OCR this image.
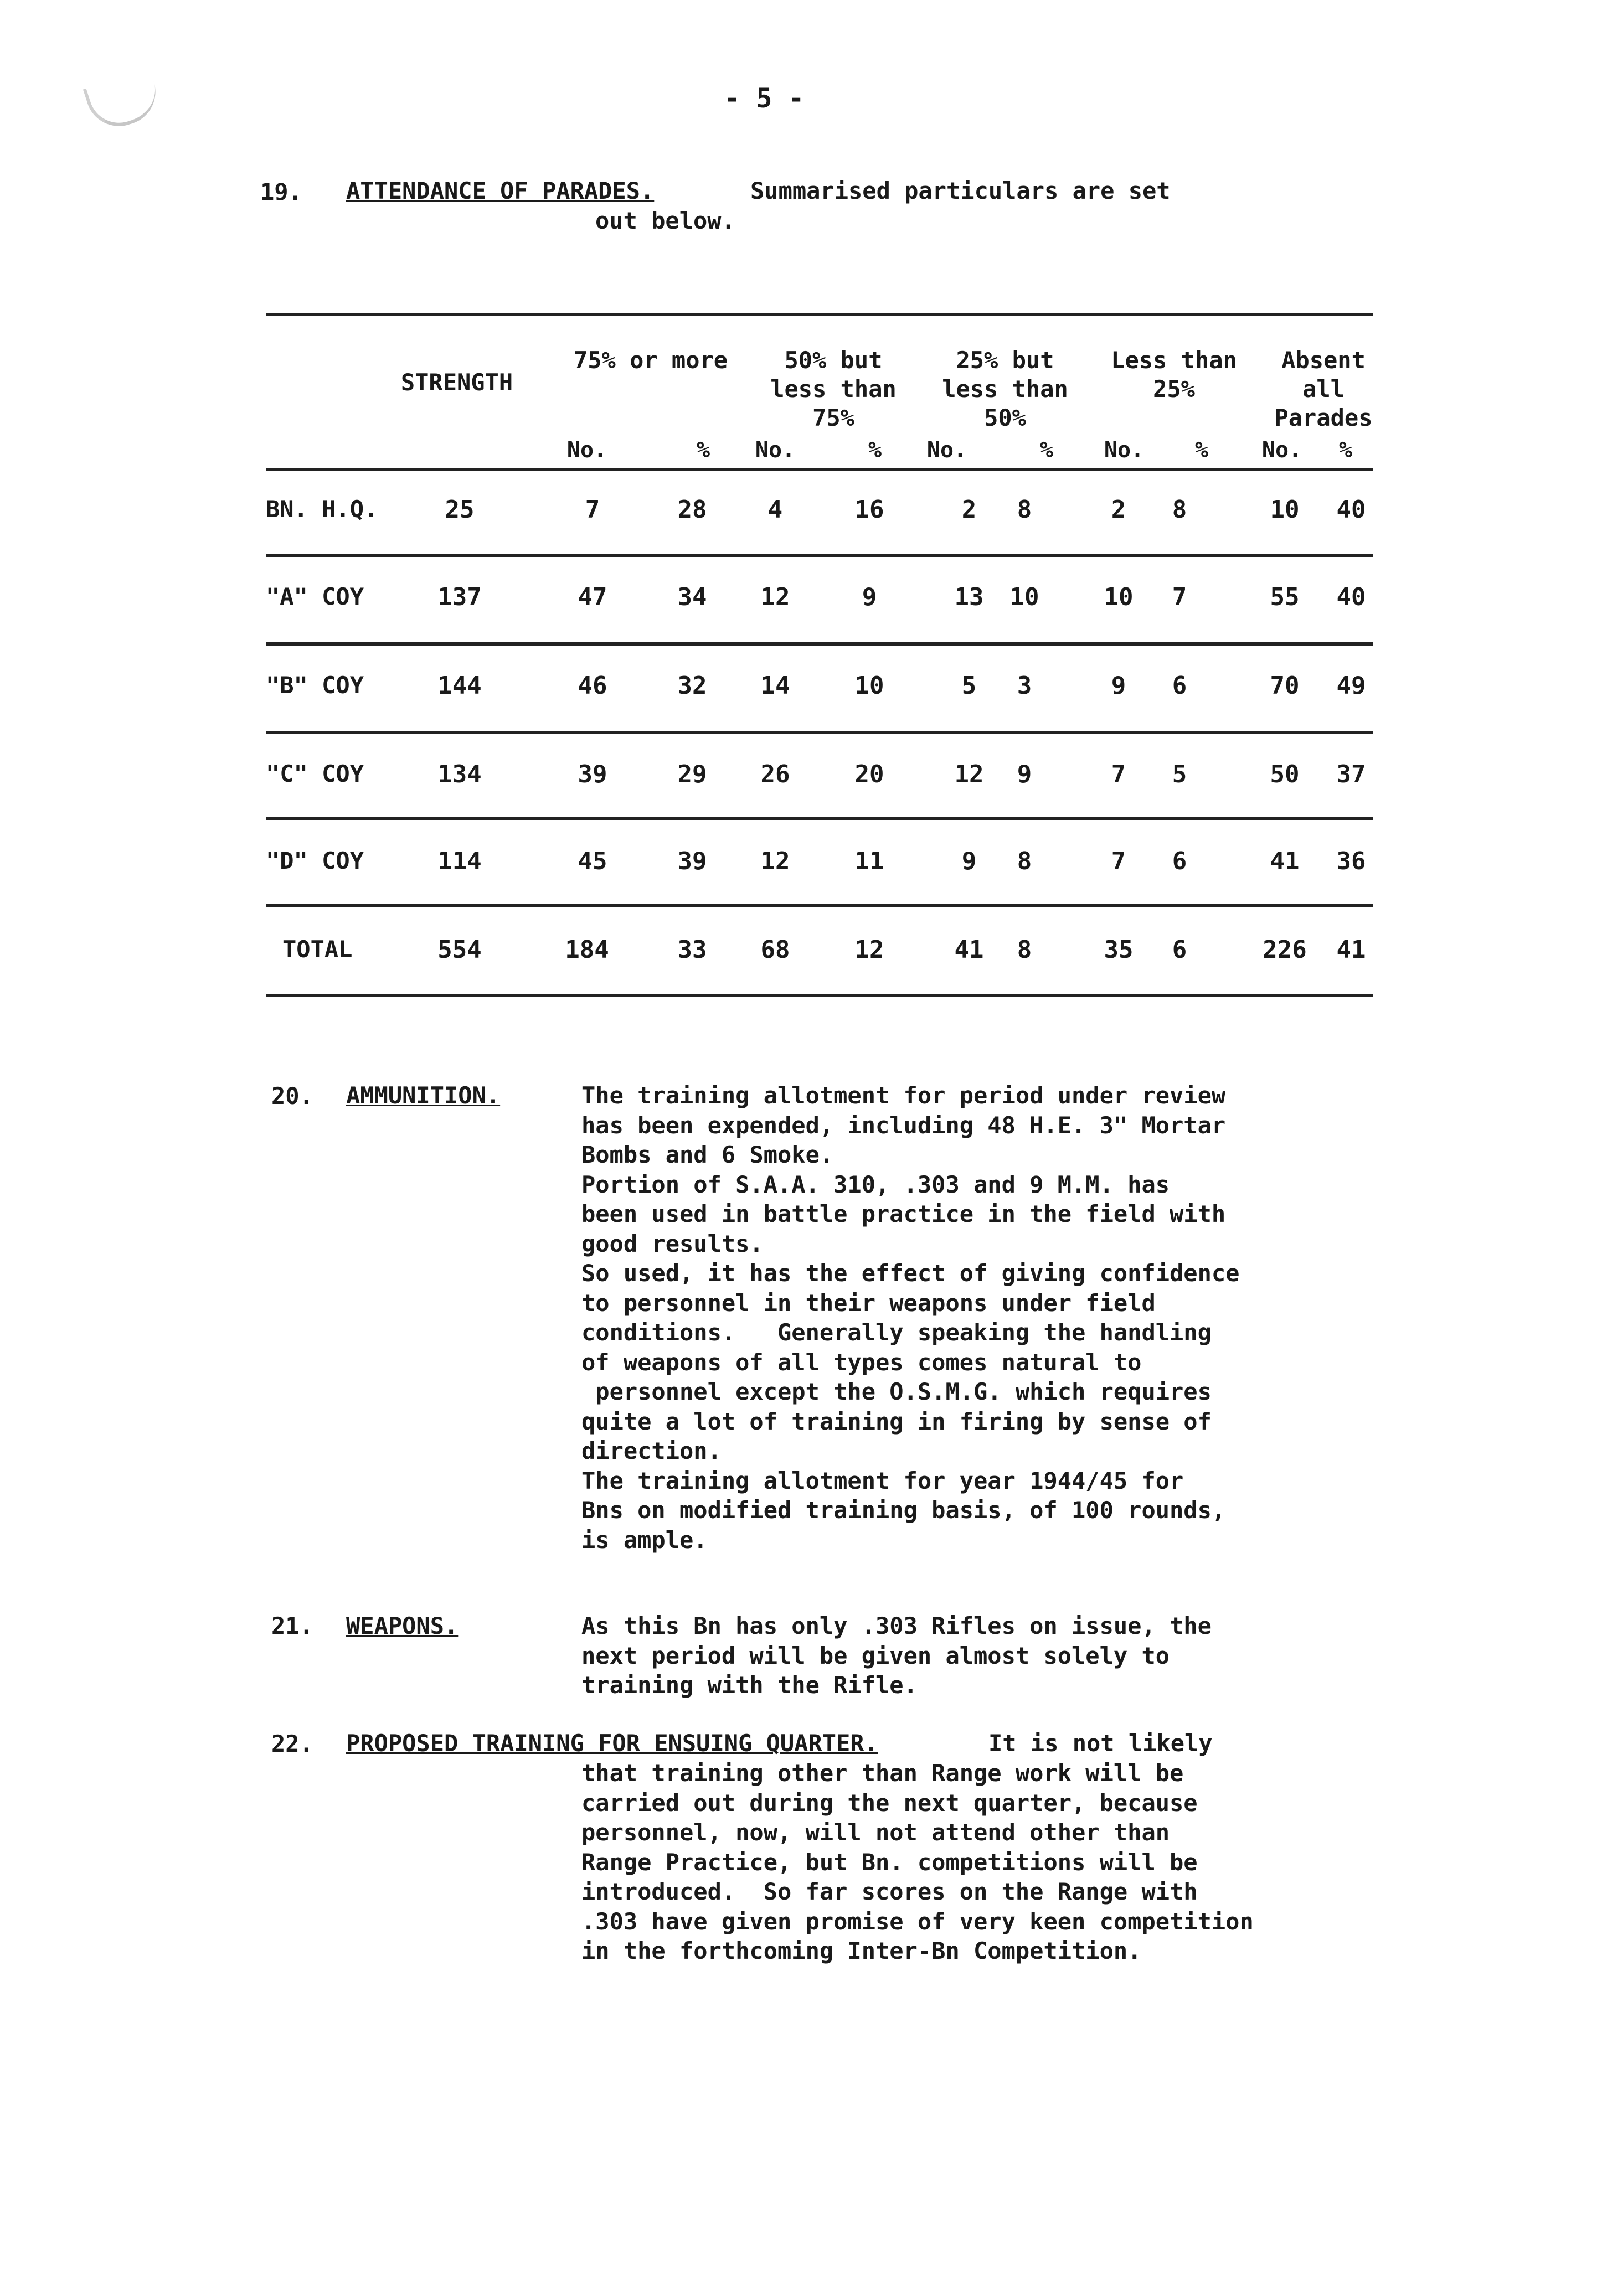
- 5 -
19. ATTENDANCE OF PARADES.	Summarised particulars are set
out below.
STRENGTH
75% or more	50% but
less than
75%
25% but
less than
50%
Less than
25%
Absent
all
Parades
No.	%	No.	%	No.	%	No.	%	No.	%
BN. H.Q.	25	7	28	4	16	2	8	2	8	10	40
"A" COY	137	47	34	12	9	13	10	10	7	55	40
"B" COY	144	46	32	14	10	5	3	9	6	70	49
"C" COY	134	39	29	26	20	12	9	7	5	50	37
"D" COY	114	45	39	12	11	9	8	7	6	41	36
TOTAL	554	184	33	68	12	41	8	35	6	226	41
20. AMMUNITION.	The training allotment for period under review
has been expended, including 48 H.E. 3" Mortar
Bombs and 6 Smoke.
Portion of S.A.A. 310, .303 and 9 M.M. has
been used in battle practice in the field with
good results.
So used, it has the effect of giving confidence
to personnel in their weapons under field
conditions.   Generally speaking the handling
of weapons of all types comes natural to
personnel except the O.S.M.G. which requires
quite a lot of training in firing by sense of
direction.
The training allotment for year 1944/45 for
Bns on modified training basis, of 100 rounds,
is ample.
21. WEAPONS.	As this Bn has only .303 Rifles on issue, the
next period will be given almost solely to
training with the Rifle.
22. PROPOSED TRAINING FOR ENSUING QUARTER.	It is not likely
that training other than Range work will be
carried out during the next quarter, because
personnel, now, will not attend other than
Range Practice, but Bn. competitions will be
introduced.  So far scores on the Range with
.303 have given promise of very keen competition
in the forthcoming Inter-Bn Competition.
